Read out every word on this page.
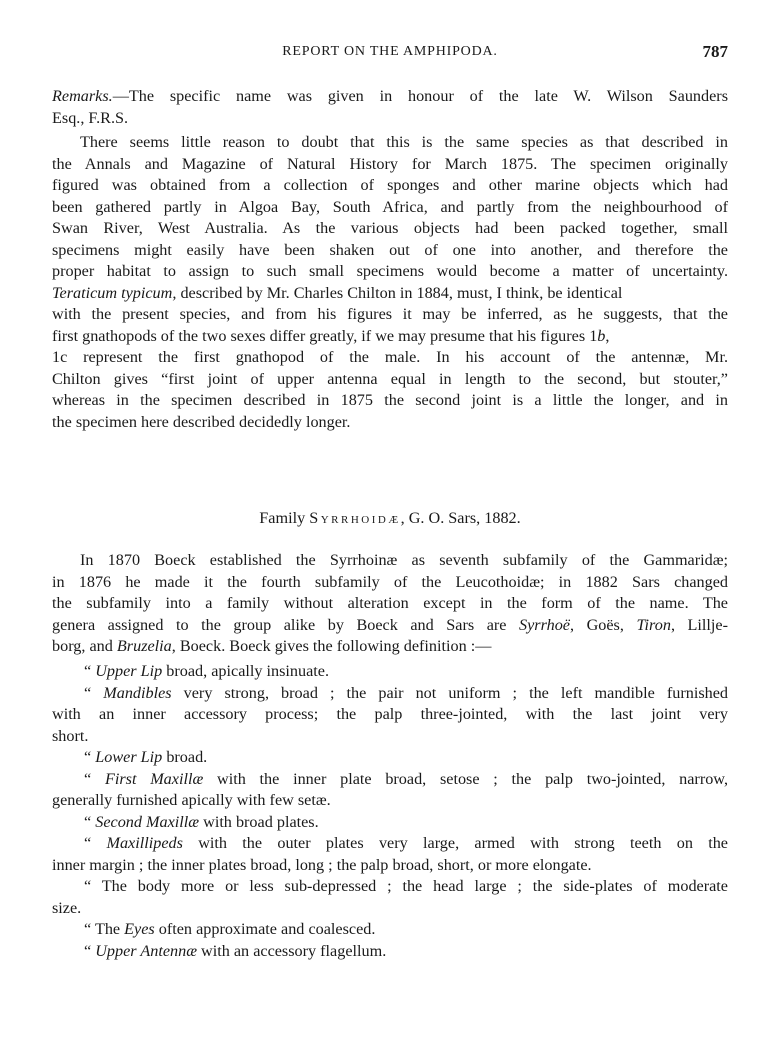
REPORT ON THE AMPHIPODA.	787
Remarks.—The specific name was given in honour of the late W. Wilson Saunders
Esq., F.R.S.
There seems little reason to doubt that this is the same species as that described in
the Annals and Magazine of Natural History for March 1875. The specimen originally
figured was obtained from a collection of sponges and other marine objects which had
been gathered partly in Algoa Bay, South Africa, and partly from the neighbourhood of
Swan River, West Australia. As the various objects had been packed together, small
specimens might easily have been shaken out of one into another, and therefore the
proper habitat to assign to such small specimens would become a matter of uncertainty.
Teraticum typicum, described by Mr. Charles Chilton in 1884, must, I think, be identical
with the present species, and from his figures it may be inferred, as he suggests, that the
first gnathopods of the two sexes differ greatly, if we may presume that his figures 1b,
1c represent the first gnathopod of the male. In his account of the antennæ, Mr.
Chilton gives “first joint of upper antenna equal in length to the second, but stouter,”
whereas in the specimen described in 1875 the second joint is a little the longer, and in
the specimen here described decidedly longer.
Family Syrrhoidæ, G. O. Sars, 1882.
In 1870 Boeck established the Syrrhoinæ as seventh subfamily of the Gammaridæ;
in 1876 he made it the fourth subfamily of the Leucothoidæ; in 1882 Sars changed
the subfamily into a family without alteration except in the form of the name. The
genera assigned to the group alike by Boeck and Sars are Syrrhoë, Goës, Tiron, Lillje-
borg, and Bruzelia, Boeck. Boeck gives the following definition :—
“ Upper Lip broad, apically insinuate.
“ Mandibles very strong, broad ; the pair not uniform ; the left mandible furnished
with an inner accessory process; the palp three-jointed, with the last joint very
short.
“ Lower Lip broad.
“ First Maxillæ with the inner plate broad, setose ; the palp two-jointed, narrow,
generally furnished apically with few setæ.
“ Second Maxillæ with broad plates.
“ Maxillipeds with the outer plates very large, armed with strong teeth on the
inner margin ; the inner plates broad, long ; the palp broad, short, or more elongate.
“ The body more or less sub-depressed ; the head large ; the side-plates of moderate
size.
“ The Eyes often approximate and coalesced.
“ Upper Antennæ with an accessory flagellum.
